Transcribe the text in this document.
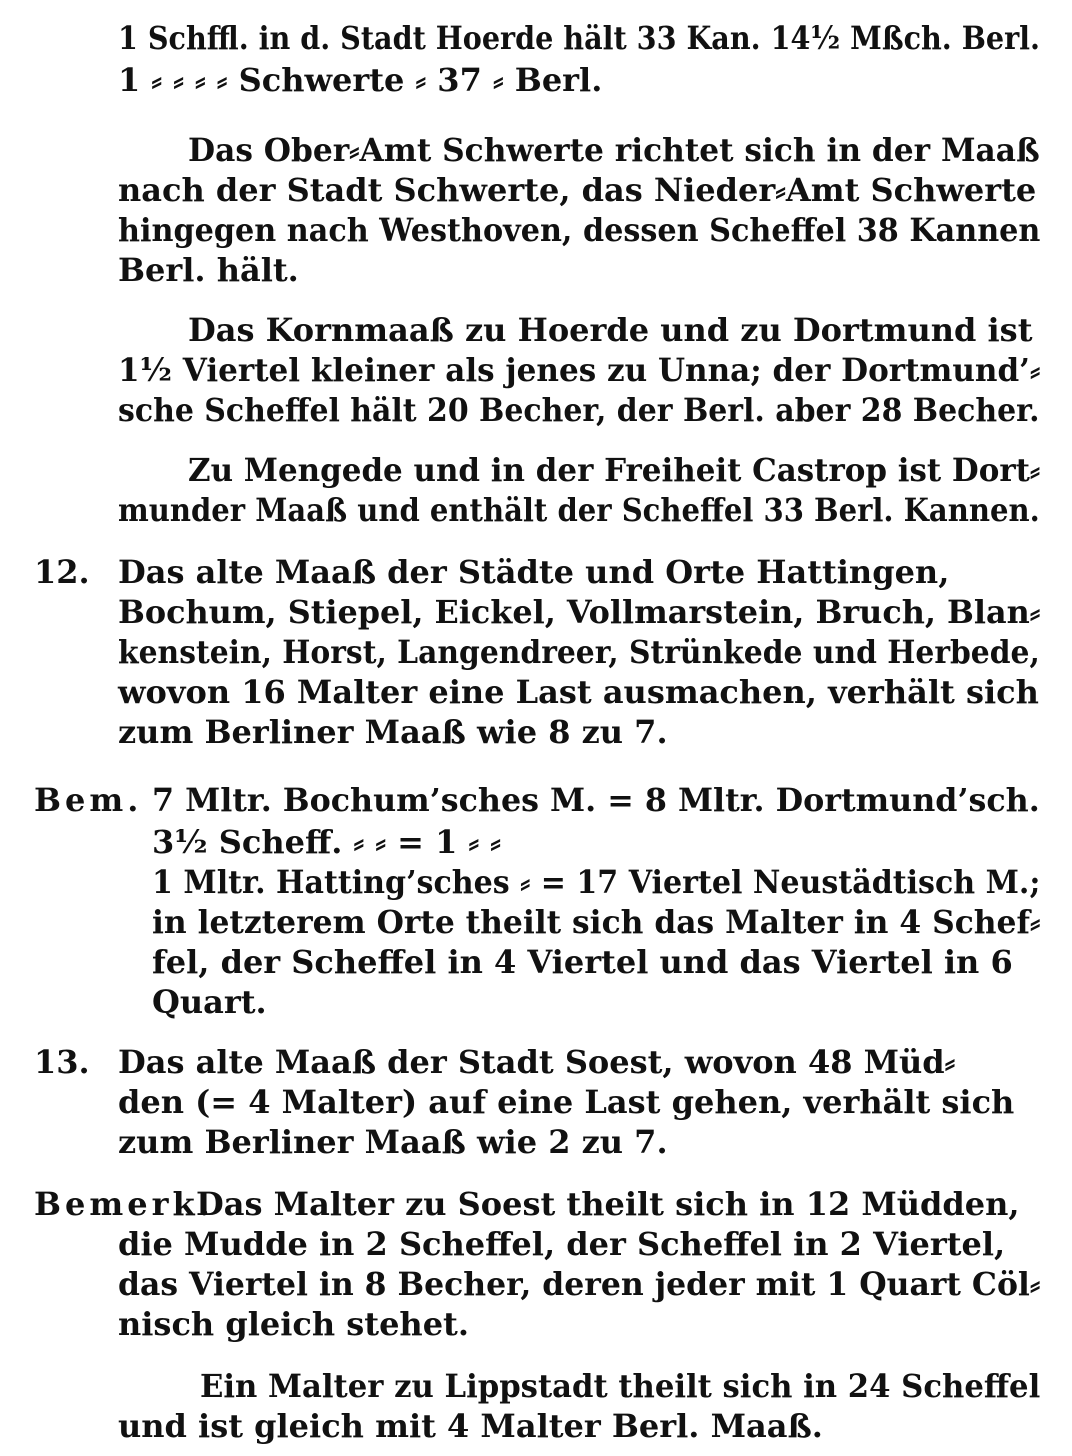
1 Schffl. in d. Stadt Hoerde hält 33 Kan. 14½ Mßch. Berl.
1 ⸗ ⸗ ⸗ ⸗ Schwerte ⸗ 37 ⸗ Berl.
Das Ober⸗Amt Schwerte richtet sich in der Maaß
nach der Stadt Schwerte, das Nieder⸗Amt Schwerte
hingegen nach Westhoven, dessen Scheffel 38 Kannen
Berl. hält.
Das Kornmaaß zu Hoerde und zu Dortmund ist
1½ Viertel kleiner als jenes zu Unna; der Dortmund’⸗
sche Scheffel hält 20 Becher, der Berl. aber 28 Becher.
Zu Mengede und in der Freiheit Castrop ist Dort⸗
munder Maaß und enthält der Scheffel 33 Berl. Kannen.
12. Das alte Maaß der Städte und Orte Hattingen,
Bochum, Stiepel, Eickel, Vollmarstein, Bruch, Blan⸗
kenstein, Horst, Langendreer, Strünkede und Herbede,
wovon 16 Malter eine Last ausmachen, verhält sich
zum Berliner Maaß wie 8 zu 7.
Bem. 7 Mltr. Bochum’sches M. = 8 Mltr. Dortmund’sch.
3½ Scheff. ⸗ ⸗ = 1 ⸗ ⸗
1 Mltr. Hatting’sches ⸗ = 17 Viertel Neustädtisch M.;
in letzterem Orte theilt sich das Malter in 4 Schef⸗
fel, der Scheffel in 4 Viertel und das Viertel in 6
Quart.
13. Das alte Maaß der Stadt Soest, wovon 48 Müd⸗
den (= 4 Malter) auf eine Last gehen, verhält sich
zum Berliner Maaß wie 2 zu 7.
Bemerk.
Das Malter zu Soest theilt sich in 12 Müdden,
die Mudde in 2 Scheffel, der Scheffel in 2 Viertel,
das Viertel in 8 Becher, deren jeder mit 1 Quart Cöl⸗
nisch gleich stehet.
Ein Malter zu Lippstadt theilt sich in 24 Scheffel
und ist gleich mit 4 Malter Berl. Maaß.
